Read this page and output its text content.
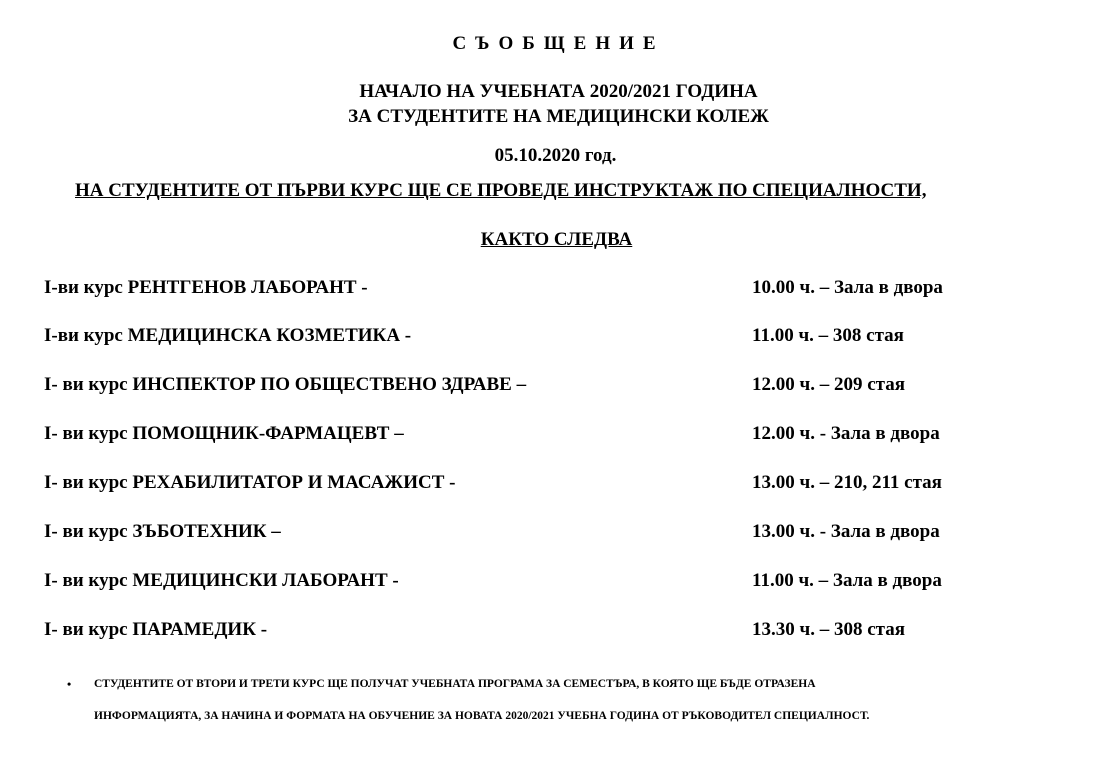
СЪОБЩЕНИЕ
НАЧАЛО НА УЧЕБНАТА 2020/2021 ГОДИНА
ЗА СТУДЕНТИТЕ НА МЕДИЦИНСКИ КОЛЕЖ
05.10.2020 год.
НА СТУДЕНТИТЕ ОТ ПЪРВИ КУРС ЩЕ СЕ ПРОВЕДЕ ИНСТРУКТАЖ ПО СПЕЦИАЛНОСТИ,
КАКТО СЛЕДВА
I-ви курс РЕНТГЕНОВ ЛАБОРАНТ -	10.00 ч. – Зала в двора
I-ви курс МЕДИЦИНСКА КОЗМЕТИКА -	11.00 ч. – 308 стая
I- ви курс ИНСПЕКТОР ПО ОБЩЕСТВЕНО ЗДРАВЕ –	12.00 ч. – 209 стая
I- ви курс ПОМОЩНИК-ФАРМАЦЕВТ –	12.00 ч. - Зала в двора
I- ви курс РЕХАБИЛИТАТОР И МАСАЖИСТ -	13.00 ч. – 210, 211 стая
I- ви курс ЗЪБОТЕХНИК –	13.00 ч. - Зала в двора
I- ви курс МЕДИЦИНСКИ ЛАБОРАНТ -	11.00 ч. – Зала в двора
I- ви курс ПАРАМЕДИК -	13.30 ч. – 308 стая
• СТУДЕНТИТЕ ОТ ВТОРИ И ТРЕТИ КУРС ЩЕ ПОЛУЧАТ УЧЕБНАТА ПРОГРАМА ЗА СЕМЕСТЪРА, В КОЯТО ЩЕ БЪДЕ ОТРАЗЕНА
ИНФОРМАЦИЯТА, ЗА НАЧИНА И ФОРМАТА НА ОБУЧЕНИЕ ЗА НОВАТА 2020/2021 УЧЕБНА ГОДИНА ОТ РЪКОВОДИТЕЛ СПЕЦИАЛНОСТ.
